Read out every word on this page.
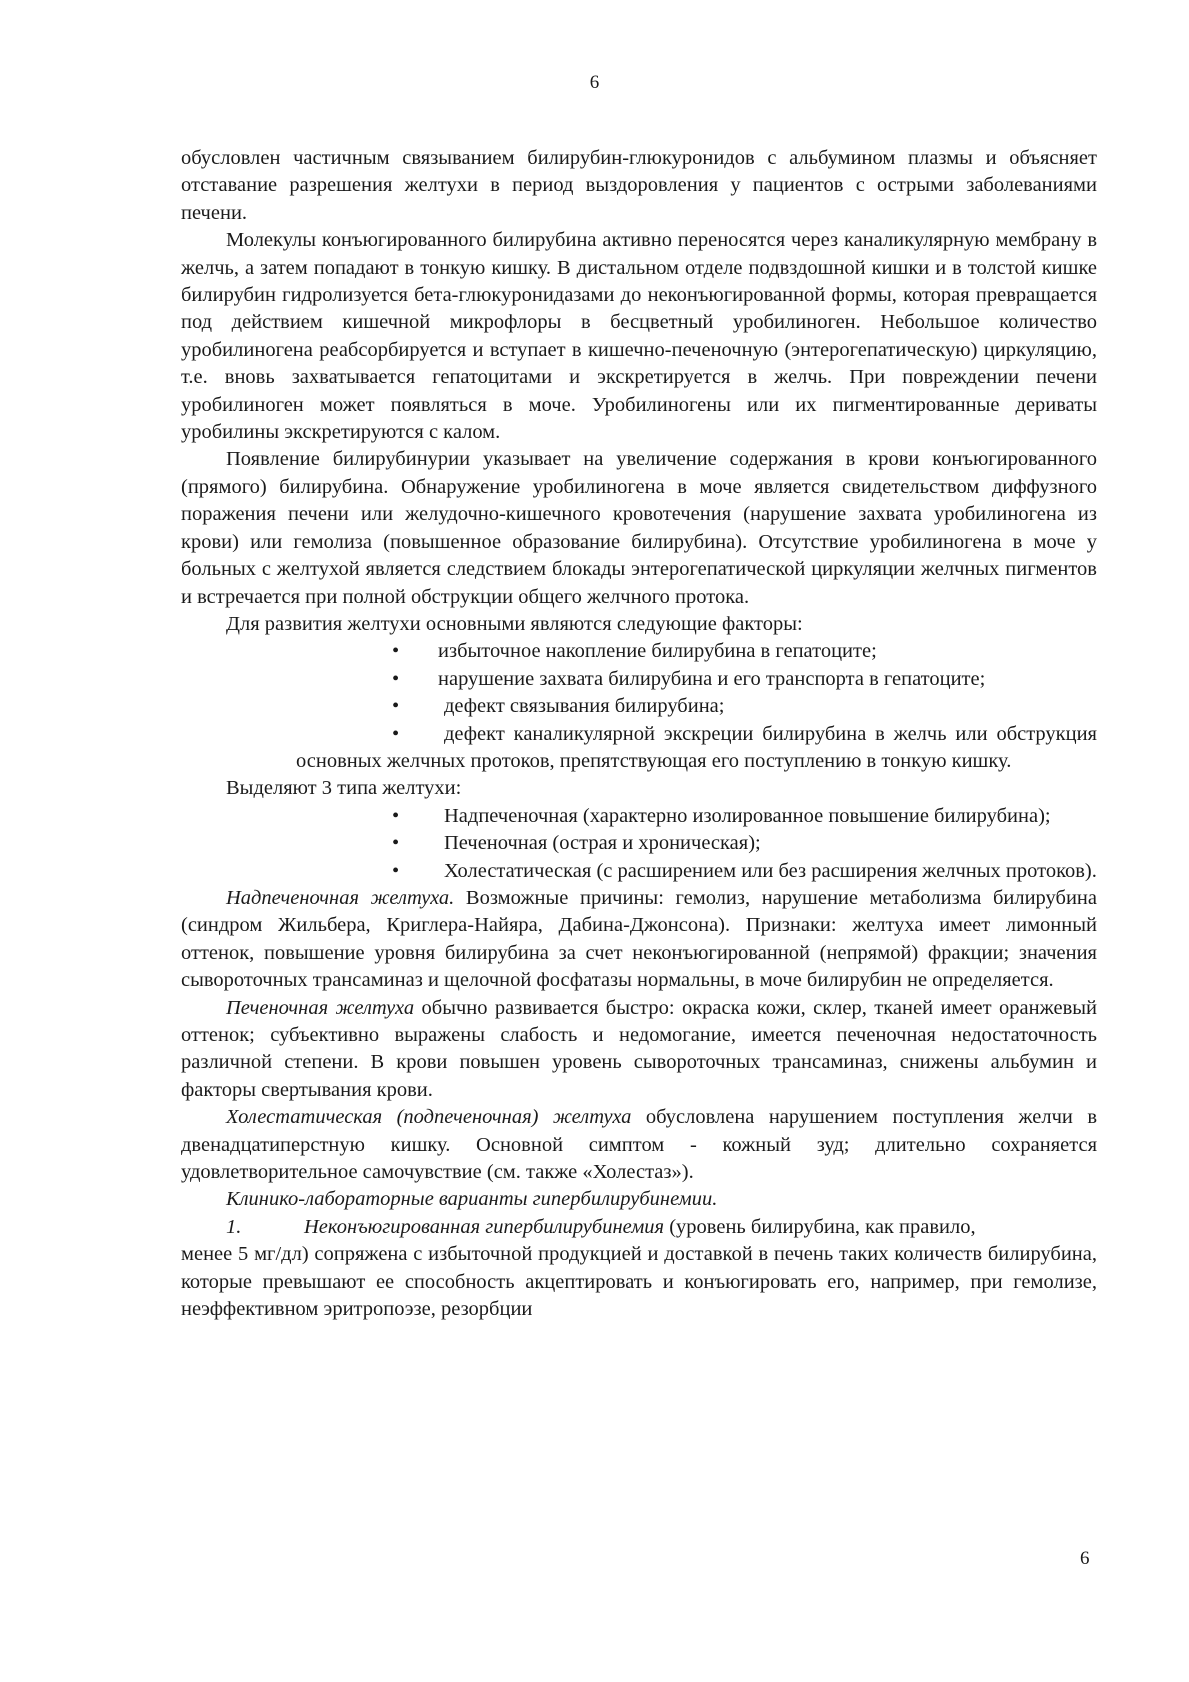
6

обусловлен частичным связыванием билирубин-глюкуронидов с альбумином плазмы и объясняет отставание разрешения желтухи в период выздоровления у пациентов с острыми заболеваниями печени.

Молекулы конъюгированного билирубина активно переносятся через каналикулярную мембрану в желчь, а затем попадают в тонкую кишку. В дистальном отделе подвздошной кишки и в толстой кишке билирубин гидролизуется бета-глюкуронидазами до неконъюгированной формы, которая превращается под действием кишечной микрофлоры в бесцветный уробилиноген. Небольшое количество уробилиногена реабсорбируется и вступает в кишечно-печеночную (энтерогепатическую) циркуляцию, т.е. вновь захватывается гепатоцитами и экскретируется в желчь. При повреждении печени уробилиноген может появляться в моче. Уробилиногены или их пигментированные дериваты уробилины экскретируются с калом.

Появление билирубинурии указывает на увеличение содержания в крови конъюгированного (прямого) билирубина. Обнаружение уробилиногена в моче является свидетельством диффузного поражения печени или желудочно-кишечного кровотечения (нарушение захвата уробилиногена из крови) или гемолиза (повышенное образование билирубина). Отсутствие уробилиногена в моче у больных с желтухой является следствием блокады энтерогепатической циркуляции желчных пигментов и встречается при полной обструкции общего желчного протока.

Для развития желтухи основными являются следующие факторы:

• избыточное накопление билирубина в гепатоците;

• нарушение захвата билирубина и его транспорта в гепатоците;

• дефект связывания билирубина;

• дефект каналикулярной экскреции билирубина в желчь или обструкция основных желчных протоков, препятствующая его поступлению в тонкую кишку.

Выделяют 3 типа желтухи:

• Надпеченочная (характерно изолированное повышение билирубина);

• Печеночная (острая и хроническая);

• Холестатическая (с расширением или без расширения желчных протоков).

Надпеченочная желтуха. Возможные причины: гемолиз, нарушение метаболизма билирубина (синдром Жильбера, Криглера-Найяра, Дабина-Джонсона). Признаки: желтуха имеет лимонный оттенок, повышение уровня билирубина за счет неконъюгированной (непрямой) фракции; значения сывороточных трансаминаз и щелочной фосфатазы нормальны, в моче билирубин не определяется.

Печеночная желтуха обычно развивается быстро: окраска кожи, склер, тканей имеет оранжевый оттенок; субъективно выражены слабость и недомогание, имеется печеночная недостаточность различной степени. В крови повышен уровень сывороточных трансаминаз, снижены альбумин и факторы свертывания крови.

Холестатическая (подпеченочная) желтуха обусловлена нарушением поступления желчи в двенадцатиперстную кишку. Основной симптом - кожный зуд; длительно сохраняется удовлетворительное самочувствие (см. также «Холестаз»).

Клинико-лабораторные варианты гипербилирубинемии.

1.	Неконъюгированная гипербилирубинемия (уровень билирубина, как правило,

менее 5 мг/дл) сопряжена с избыточной продукцией и доставкой в печень таких количеств билирубина, которые превышают ее способность акцептировать и конъюгировать его, например, при гемолизе, неэффективном эритропоэзе, резорбции

6
